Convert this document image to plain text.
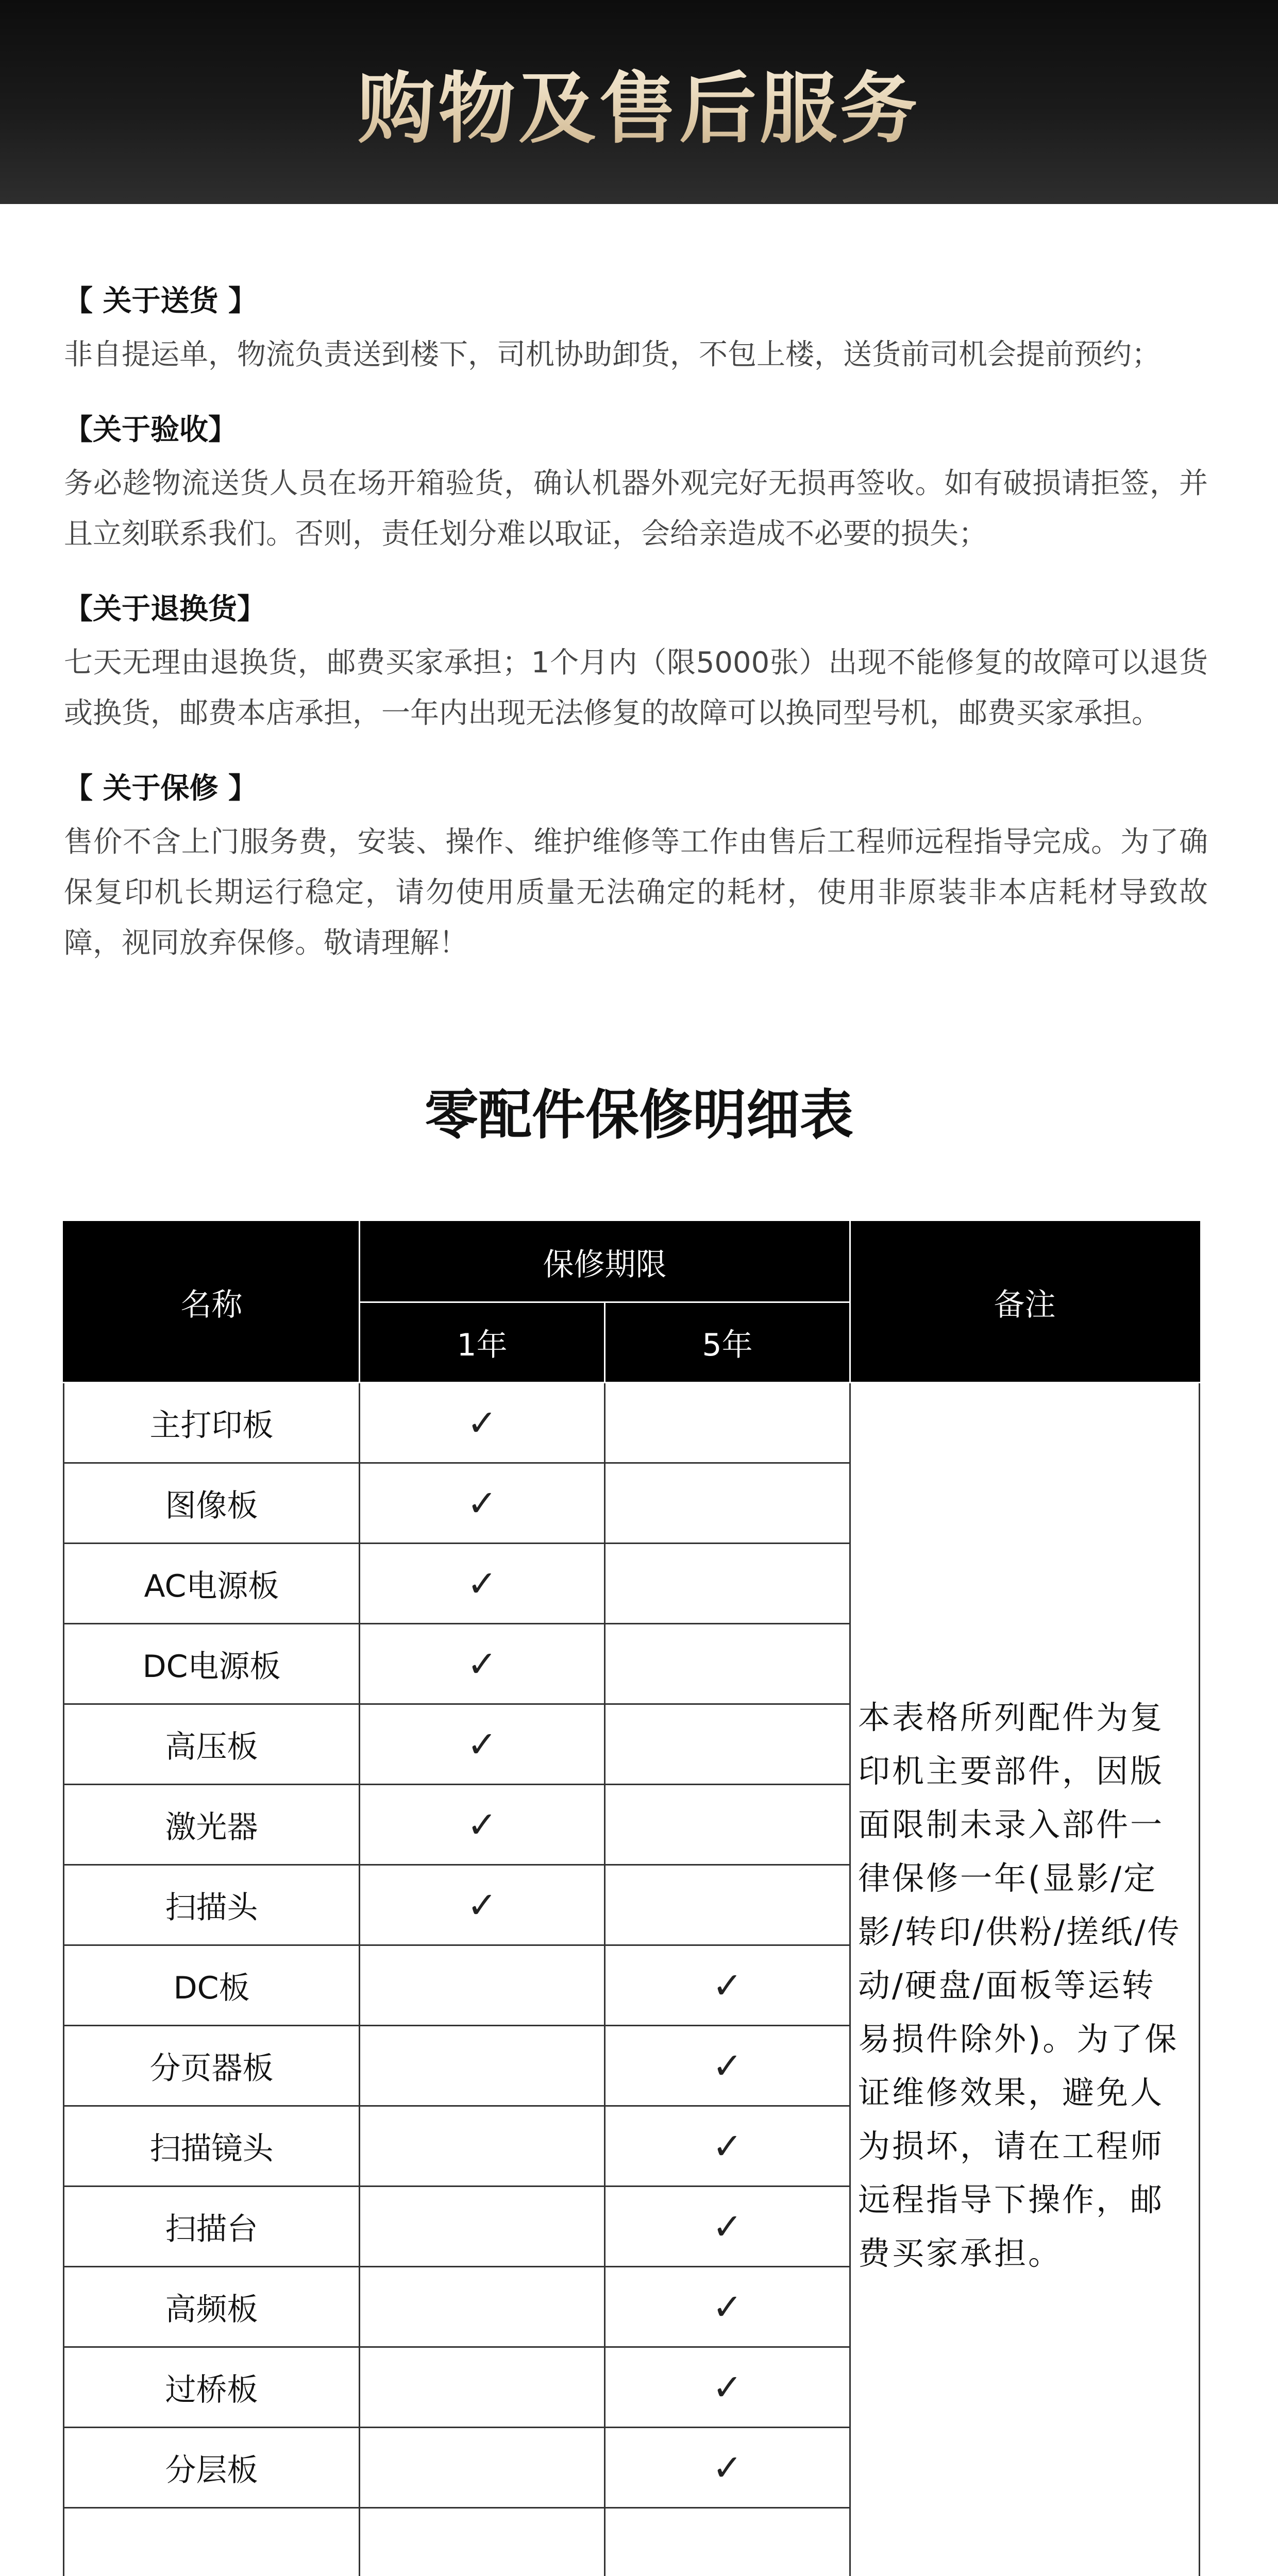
购物及售后服务
【 关于送货 】

非自提运单，物流负责送到楼下，司机协助卸货，不包上楼，送货前司机会提前预约；

【关于验收】

务必趁物流送货人员在场开箱验货，确认机器外观完好无损再签收。如有破损请拒签，并且立刻联系我们。否则，责任划分难以取证，会给亲造成不必要的损失；

【关于退换货】

七天无理由退换货，邮费买家承担；1个月内（限5000张）出现不能修复的故障可以退货或换货，邮费本店承担，一年内出现无法修复的故障可以换同型号机，邮费买家承担。

【 关于保修 】

售价不含上门服务费，安装、操作、维护维修等工作由售后工程师远程指导完成。为了确保复印机长期运行稳定，请勿使用质量无法确定的耗材，使用非原装非本店耗材导致故障，视同放弃保修。敬请理解！

零配件保修明细表
名称	保修期限		备注
	1年	5年	
主打印板	✓		本表格所列配件为复印机主要部件，因版面限制未录入部件一律保修一年(显影/定影/转印/供粉/搓纸/传动/硬盘/面板等运转易损件除外)。为了保证维修效果，避免人为损坏，请在工程师远程指导下操作，邮费买家承担。
图像板	✓		
AC电源板	✓		
DC电源板	✓		
高压板	✓		
激光器	✓		
扫描头	✓		
DC板		✓	
分页器板		✓	
扫描镜头		✓	
扫描台		✓	
高频板		✓	
过桥板		✓	
分层板		✓	
